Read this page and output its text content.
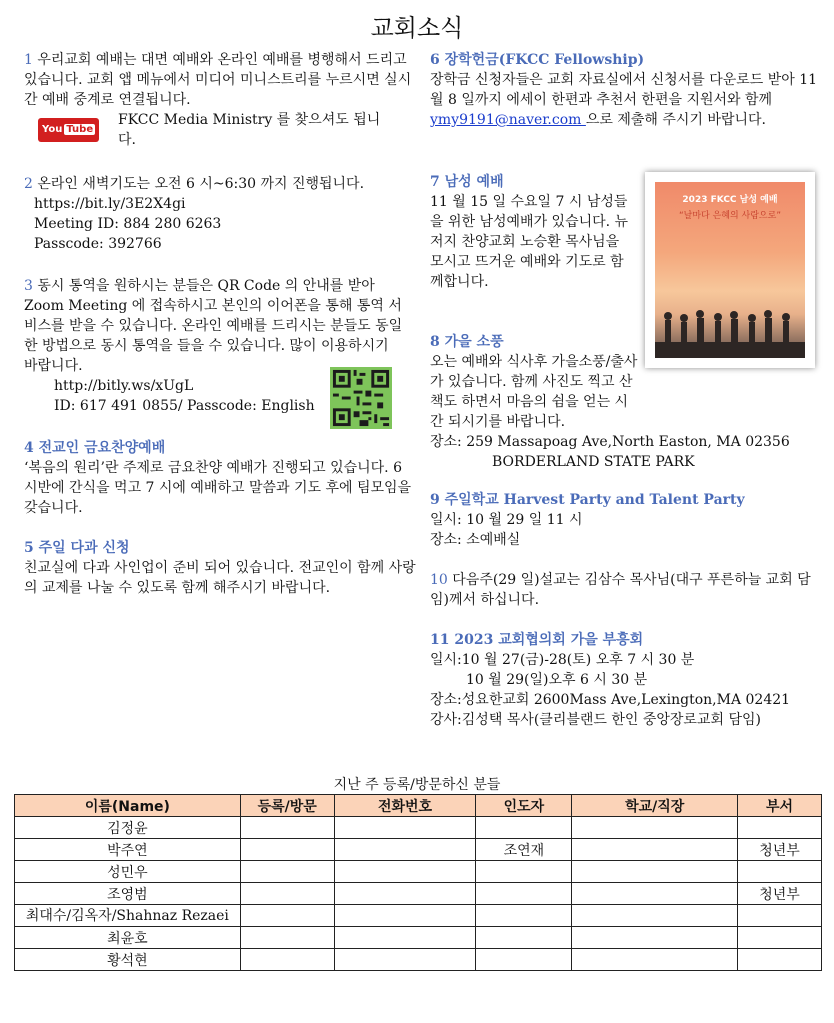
교회소식

1 우리교회 예배는 대면 예배와 온라인 예배를 병행해서 드리고 있습니다. 교회 앱 메뉴에서 미디어 미니스트리를 누르시면 실시간 예배 중계로 연결됩니다.

You Tube
FKCC Media Ministry 를 찾으셔도 됩니다.

2 온라인 새벽기도는 오전 6 시~6:30 까지 진행됩니다.

https://bit.ly/3E2X4gi

Meeting ID: 884 280 6263

Passcode: 392766

3 동시 통역을 원하시는 분들은 QR Code 의 안내를 받아 Zoom Meeting 에 접속하시고 본인의 이어폰을 통해 통역 서비스를 받을 수 있습니다. 온라인 예배를 드리시는 분들도 동일한 방법으로 동시 통역을 들을 수 있습니다. 많이 이용하시기 바랍니다.

http://bitly.ws/xUgL

ID: 617 491 0855/ Passcode: English

4 전교인 금요찬양예배

‘복음의 원리’란 주제로 금요찬양 예배가 진행되고 있습니다. 6 시반에 간식을 먹고 7 시에 예배하고 말씀과 기도 후에 팀모임을 갖습니다.

5 주일 다과 신청

친교실에 다과 사인업이 준비 되어 있습니다. 전교인이 함께 사랑의 교제를 나눌 수 있도록 함께 해주시기 바랍니다.

6 장학헌금(FKCC Fellowship)

장학금 신청자들은 교회 자료실에서 신청서를 다운로드 받아 11 월 8 일까지 에세이 한편과 추천서 한편을 지원서와 함께 ymy9191@naver.com 으로 제출해 주시기 바랍니다.

7 남성 예배

11 월 15 일 수요일 7 시 남성들을 위한 남성예배가 있습니다. 뉴저지 찬양교회 노승환 목사님을 모시고 뜨거운 예배와 기도로 함께합니다.

2023 FKCC 남성 예배
“날마다 은혜의 사람으로”

8 가을 소풍

오는 예배와 식사후 가을소풍/출사가 있습니다. 함께 사진도 찍고 산책도 하면서 마음의 쉼을 얻는 시간 되시기를 바랍니다.

장소: 259 Massapoag Ave,North Easton, MA 02356

BORDERLAND STATE PARK

9 주일학교 Harvest Party and Talent Party

일시: 10 월 29 일 11 시

장소: 소예배실

10 다음주(29 일)설교는 김삼수 목사님(대구 푸른하늘 교회 담임)께서 하십니다.

11 2023 교회협의회 가을 부흥회

일시:10 월 27(금)-28(토) 오후 7 시 30 분

10 월 29(일)오후 6 시 30 분

장소:성요한교회 2600Mass Ave,Lexington,MA 02421

강사:김성택 목사(클리블랜드 한인 중앙장로교회 담임)

지난 주 등록/방문하신 분들
이름(Name)	등록/방문	전화번호	인도자	학교/직장	부서
김정윤					
박주연			조연재		청년부
성민우					
조영범					청년부
최대수/김옥자/Shahnaz Rezaei					
최윤호					
황석현					
